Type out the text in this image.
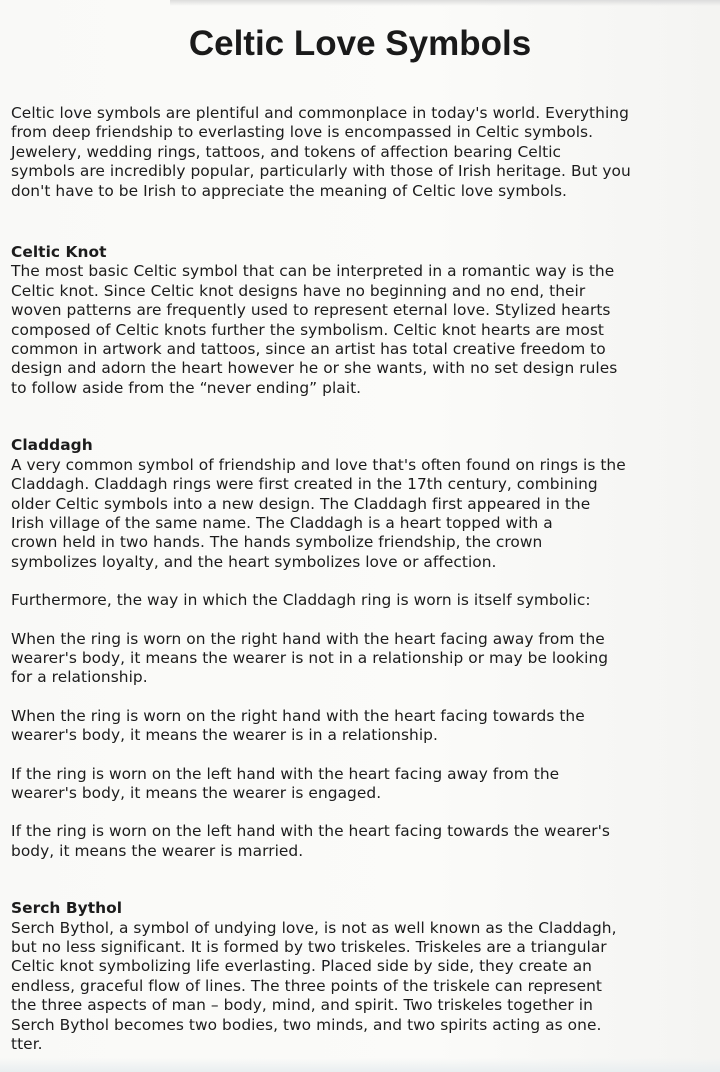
Celtic Love Symbols

Celtic love symbols are plentiful and commonplace in today's world. Everything

from deep friendship to everlasting love is encompassed in Celtic symbols.

Jewelery, wedding rings, tattoos, and tokens of affection bearing Celtic

symbols are incredibly popular, particularly with those of Irish heritage. But you

don't have to be Irish to appreciate the meaning of Celtic love symbols.

Celtic Knot

The most basic Celtic symbol that can be interpreted in a romantic way is the

Celtic knot. Since Celtic knot designs have no beginning and no end, their

woven patterns are frequently used to represent eternal love. Stylized hearts

composed of Celtic knots further the symbolism. Celtic knot hearts are most

common in artwork and tattoos, since an artist has total creative freedom to

design and adorn the heart however he or she wants, with no set design rules

to follow aside from the “never ending” plait.

Claddagh

A very common symbol of friendship and love that's often found on rings is the

Claddagh. Claddagh rings were first created in the 17th century, combining

older Celtic symbols into a new design. The Claddagh first appeared in the

Irish village of the same name. The Claddagh is a heart topped with a

crown held in two hands. The hands symbolize friendship, the crown

symbolizes loyalty, and the heart symbolizes love or affection.

Furthermore, the way in which the Claddagh ring is worn is itself symbolic:

When the ring is worn on the right hand with the heart facing away from the

wearer's body, it means the wearer is not in a relationship or may be looking

for a relationship.

When the ring is worn on the right hand with the heart facing towards the

wearer's body, it means the wearer is in a relationship.

If the ring is worn on the left hand with the heart facing away from the

wearer's body, it means the wearer is engaged.

If the ring is worn on the left hand with the heart facing towards the wearer's

body, it means the wearer is married.

Serch Bythol

Serch Bythol, a symbol of undying love, is not as well known as the Claddagh,

but no less significant. It is formed by two triskeles. Triskeles are a triangular

Celtic knot symbolizing life everlasting. Placed side by side, they create an

endless, graceful flow of lines. The three points of the triskele can represent

the three aspects of man – body, mind, and spirit. Two triskeles together in

Serch Bythol becomes two bodies, two minds, and two spirits acting as one.

tter.
